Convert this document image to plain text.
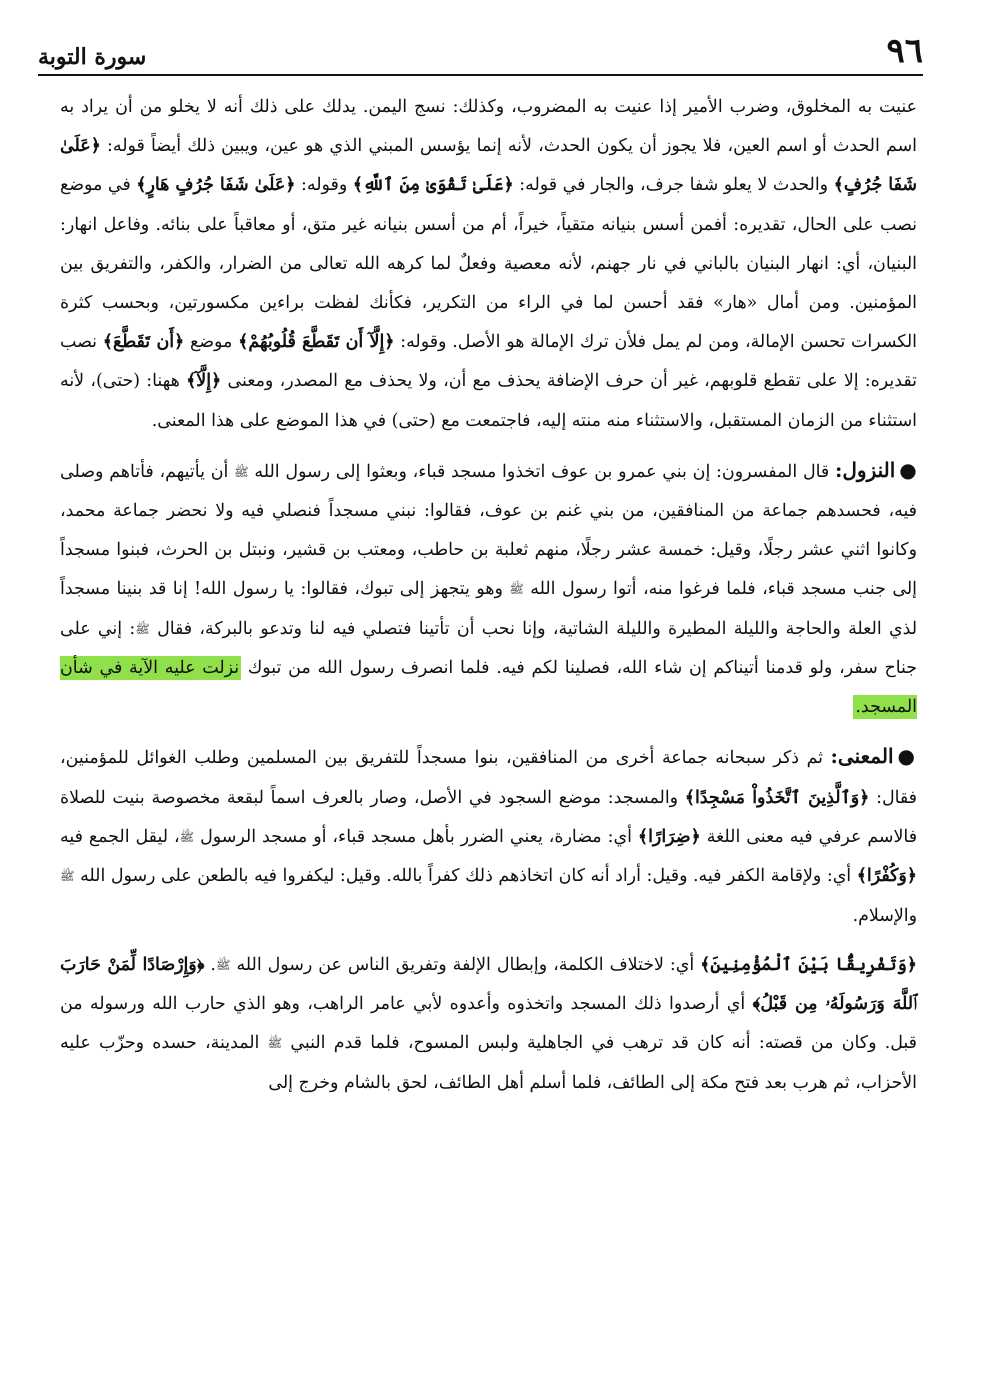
٩٦
سورة التوبة

عنيت به المخلوق، وضرب الأمير إذا عنيت به المضروب، وكذلك: نسج اليمن. يدلك على ذلك أنه لا يخلو من أن يراد به اسم الحدث أو اسم العين، فلا يجوز أن يكون الحدث، لأنه إنما يؤسس المبني الذي هو عين، ويبين ذلك أيضاً قوله: ﴿عَلَىٰ شَفَا جُرُفٍ﴾ والحدث لا يعلو شفا جرف، والجار في قوله: ﴿عَلَىٰ تَقْوَىٰ مِنَ ٱللَّهِ﴾ وقوله: ﴿عَلَىٰ شَفَا جُرُفٍ هَارٍ﴾ في موضع نصب على الحال، تقديره: أفمن أسس بنيانه متقياً، خيراً، أم من أسس بنيانه غير متق، أو معاقباً على بنائه. وفاعل انهار: البنيان، أي: انهار البنيان بالباني في نار جهنم، لأنه معصية وفعلٌ لما كرهه الله تعالى من الضرار، والكفر، والتفريق بين المؤمنين. ومن أمال «هار» فقد أحسن لما في الراء من التكرير، فكأنك لفظت براءين مكسورتين، وبحسب كثرة الكسرات تحسن الإمالة، ومن لم يمل فلأن ترك الإمالة هو الأصل. وقوله: ﴿إِلَّآ أَن تَقَطَّعَ قُلُوبُهُمْ﴾ موضع ﴿أَن تَقَطَّعَ﴾ نصب تقديره: إلا على تقطع قلوبهم، غير أن حرف الإضافة يحذف مع أن، ولا يحذف مع المصدر، ومعنى ﴿إِلَّآ﴾ ههنا: (حتى)، لأنه استثناء من الزمان المستقبل، والاستثناء منه منته إليه، فاجتمعت مع (حتى) في هذا الموضع على هذا المعنى.

●النزول: قال المفسرون: إن بني عمرو بن عوف اتخذوا مسجد قباء، وبعثوا إلى رسول الله ﷺ أن يأتيهم، فأتاهم وصلى فيه، فحسدهم جماعة من المنافقين، من بني غنم بن عوف، فقالوا: نبني مسجداً فنصلي فيه ولا نحضر جماعة محمد، وكانوا اثني عشر رجلًا، وقيل: خمسة عشر رجلًا، منهم ثعلبة بن حاطب، ومعتب بن قشير، ونبتل بن الحرث، فبنوا مسجداً إلى جنب مسجد قباء، فلما فرغوا منه، أتوا رسول الله ﷺ وهو يتجهز إلى تبوك، فقالوا: يا رسول الله! إنا قد بنينا مسجداً لذي العلة والحاجة والليلة المطيرة والليلة الشاتية، وإنا نحب أن تأتينا فتصلي فيه لنا وتدعو بالبركة، فقال ﷺ: إني على جناح سفر، ولو قدمنا أتيناكم إن شاء الله، فصلينا لكم فيه. فلما انصرف رسول الله من تبوك نزلت عليه الآية في شأن المسجد.

●المعنى: ثم ذكر سبحانه جماعة أخرى من المنافقين، بنوا مسجداً للتفريق بين المسلمين وطلب الغوائل للمؤمنين، فقال: ﴿وَٱلَّذِينَ ٱتَّخَذُواْ مَسْجِدًا﴾ والمسجد: موضع السجود في الأصل، وصار بالعرف اسماً لبقعة مخصوصة بنيت للصلاة فالاسم عرفي فيه معنى اللغة ﴿ضِرَارًا﴾ أي: مضارة، يعني الضرر بأهل مسجد قباء، أو مسجد الرسول ﷺ، ليقل الجمع فيه ﴿وَكُفْرًا﴾ أي: ولإقامة الكفر فيه. وقيل: أراد أنه كان اتخاذهم ذلك كفراً بالله. وقيل: ليكفروا فيه بالطعن على رسول الله ﷺ والإسلام.

﴿وَتَفْرِيقًۢا بَيْنَ ٱلْمُؤْمِنِينَ﴾ أي: لاختلاف الكلمة، وإبطال الإلفة وتفريق الناس عن رسول الله ﷺ. ﴿وَإِرْصَادًا لِّمَنْ حَارَبَ ٱللَّهَ وَرَسُولَهُۥ مِن قَبْلُ﴾ أي أرصدوا ذلك المسجد واتخذوه وأعدوه لأبي عامر الراهب، وهو الذي حارب الله ورسوله من قبل. وكان من قصته: أنه كان قد ترهب في الجاهلية ولبس المسوح، فلما قدم النبي ﷺ المدينة، حسده وحزّب عليه الأحزاب، ثم هرب بعد فتح مكة إلى الطائف، فلما أسلم أهل الطائف، لحق بالشام وخرج إلى
